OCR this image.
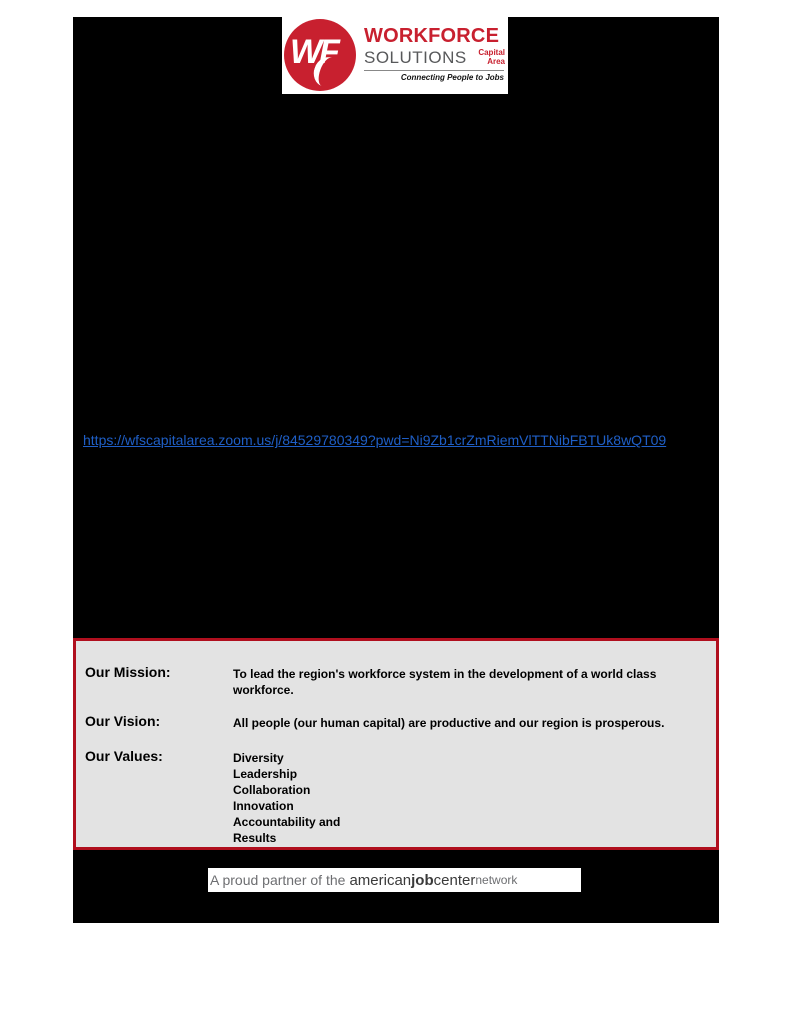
WF WORKFORCE
SOLUTIONS	Capital Area
Connecting People to Jobs
https://wfscapitalarea.zoom.us/j/84529780349?pwd=Ni9Zb1crZmRiemVlTTNibFBTUk8wQT09
Our Mission:	To lead the region's workforce system in the development of a world class workforce.
Our Vision:	All people (our human capital) are productive and our region is prosperous.
Our Values:	Diversity
Leadership
Collaboration
Innovation
Accountability and
Results
A proud partner of the american job center network
